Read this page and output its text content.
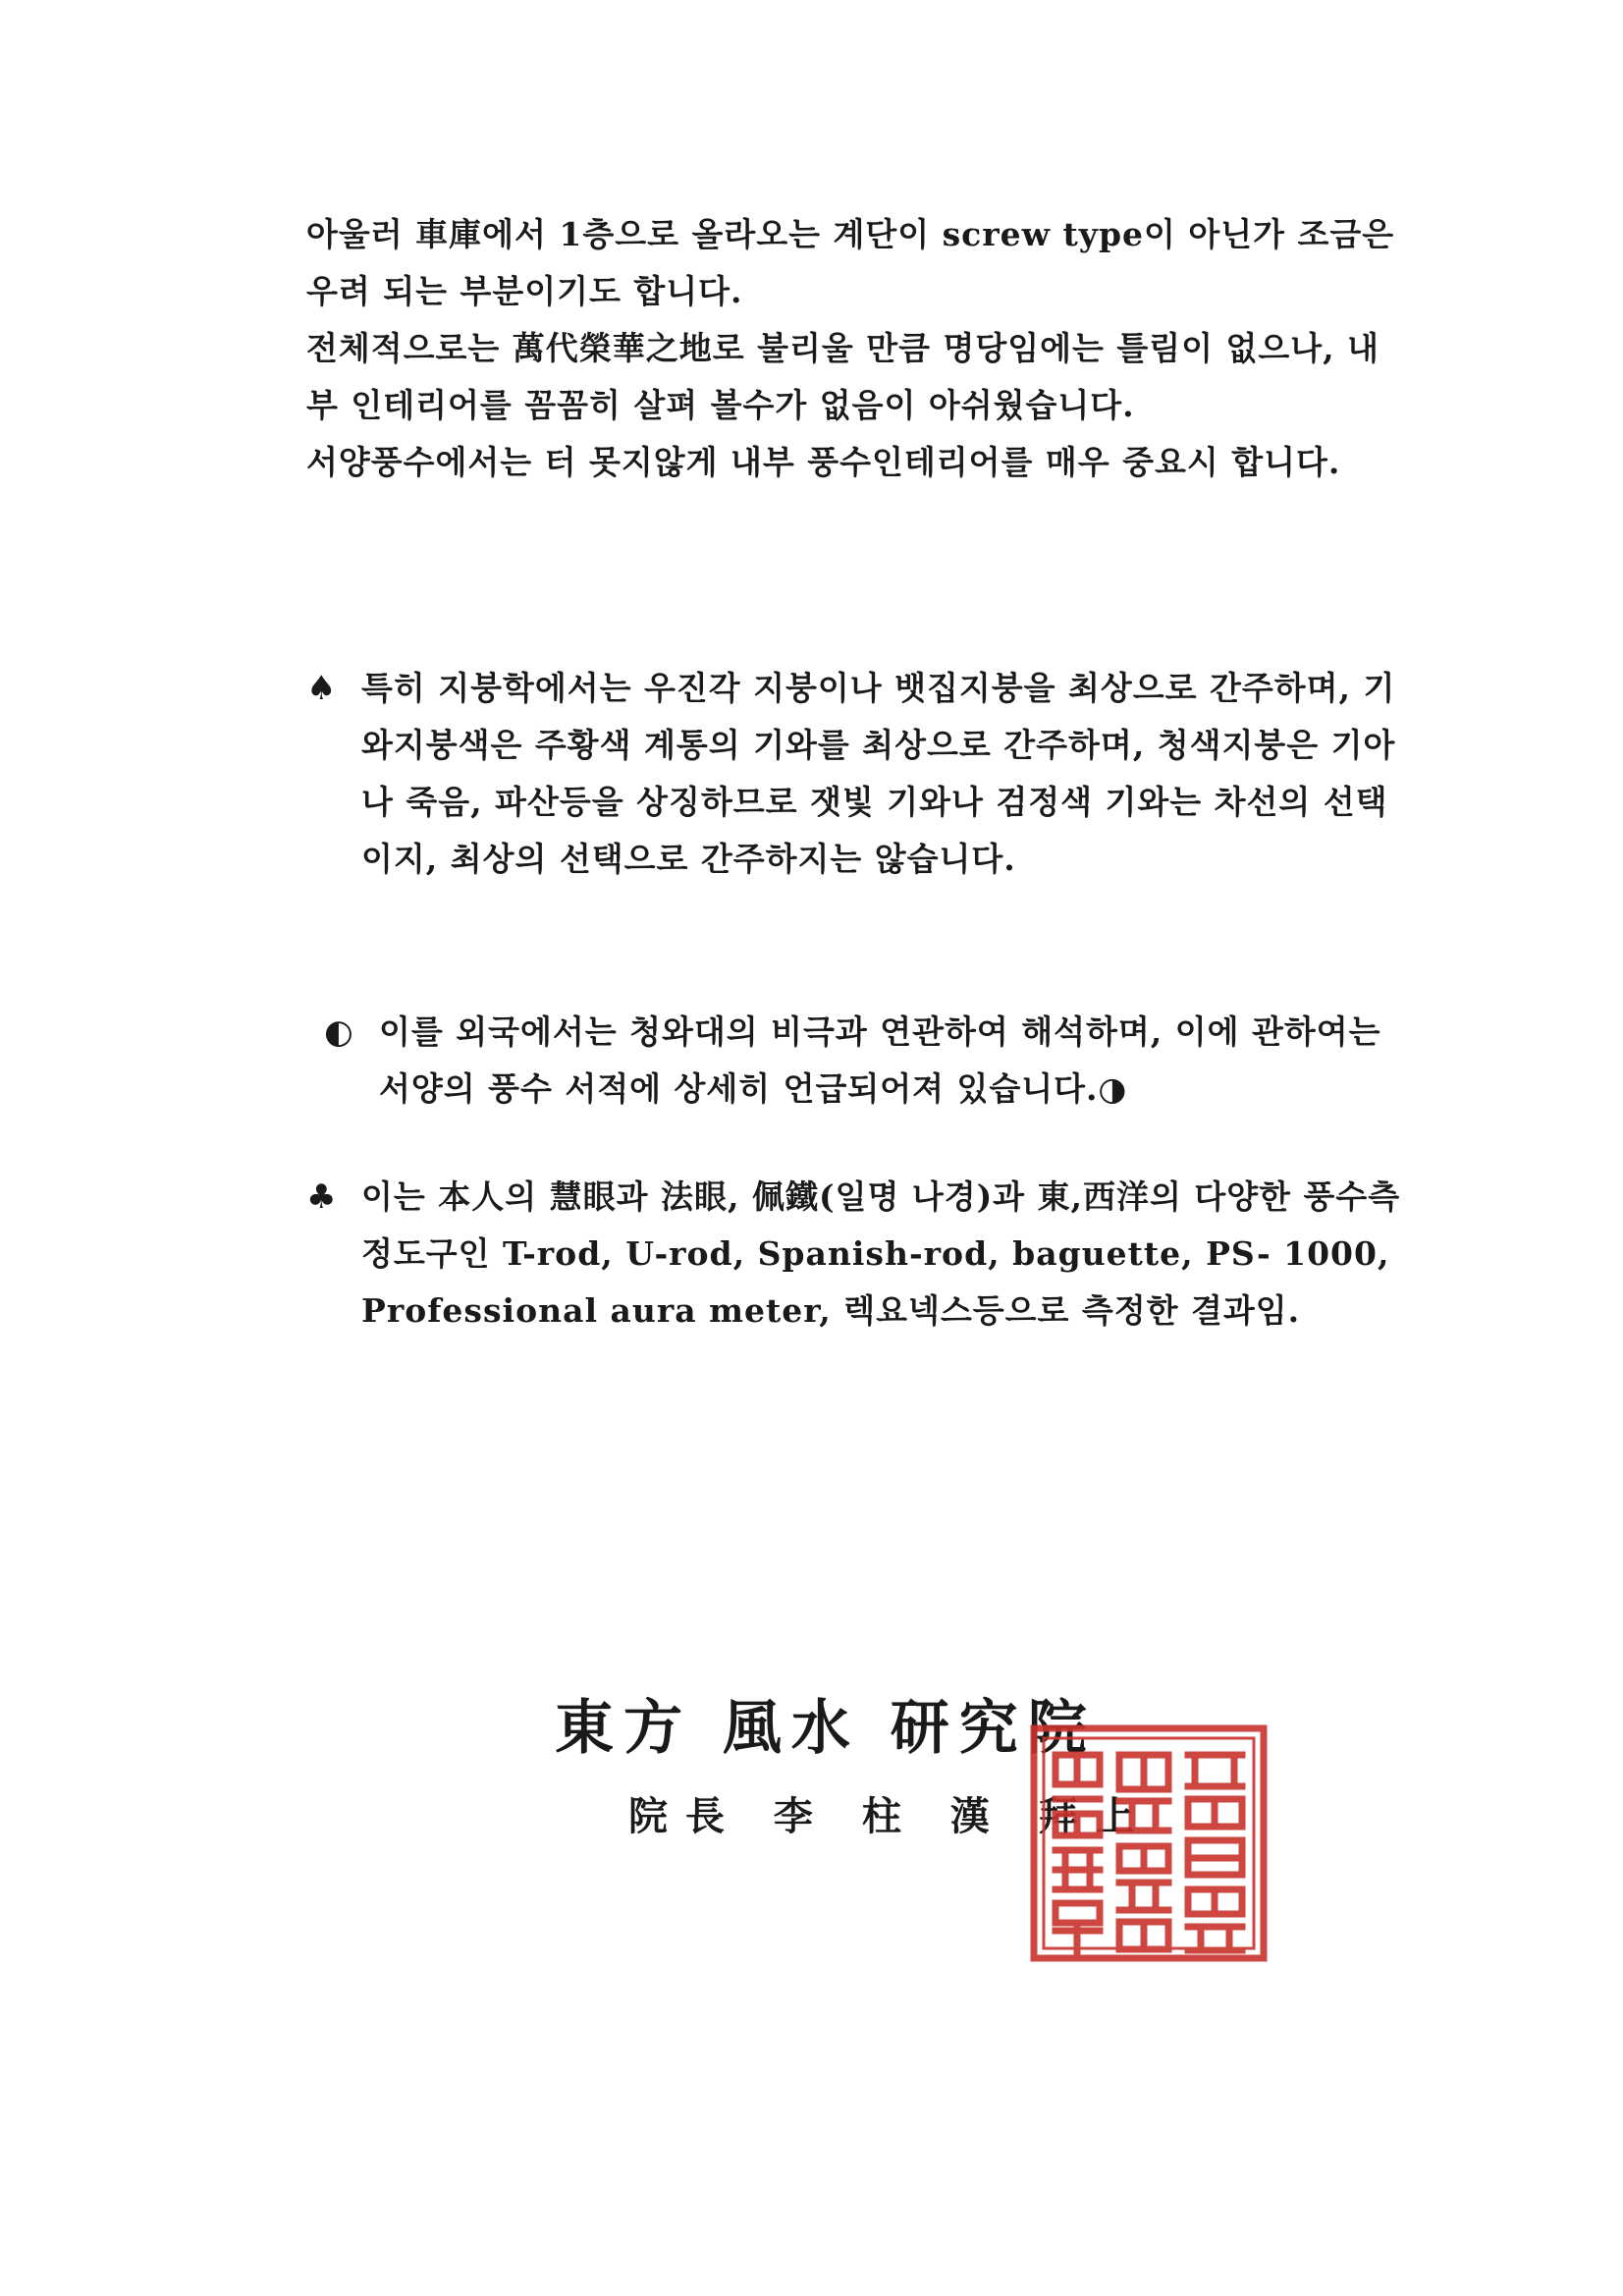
아울러 車庫에서 1층으로 올라오는 계단이 screw type이 아닌가 조금은 우려 되는 부분이기도 합니다.

전체적으로는 萬代榮華之地로 불리울 만큼 명당임에는 틀림이 없으나, 내부 인테리어를 꼼꼼히 살펴 볼수가 없음이 아쉬웠습니다.

서양풍수에서는 터 못지않게 내부 풍수인테리어를 매우 중요시 합니다.

♠ 특히 지붕학에서는 우진각 지붕이나 뱃집지붕을 최상으로 간주하며, 기와지붕색은 주황색 계통의 기와를 최상으로 간주하며, 청색지붕은 기아나 죽음, 파산등을 상징하므로 잿빛 기와나 검정색 기와는 차선의 선택이지, 최상의 선택으로 간주하지는 않습니다.
◐ 이를 외국에서는 청와대의 비극과 연관하여 해석하며, 이에 관하여는 서양의 풍수 서적에 상세히 언급되어져 있습니다.◑
♣ 이는 本人의 慧眼과 法眼, 佩鐵(일명 나경)과 東,西洋의 다양한 풍수측정도구인 T-rod, U-rod, Spanish-rod, baguette, PS- 1000, Professional aura meter, 렉요넥스등으로 측정한 결과임.
東方 風水 研究院
院長 李 柱 漢 拜上
